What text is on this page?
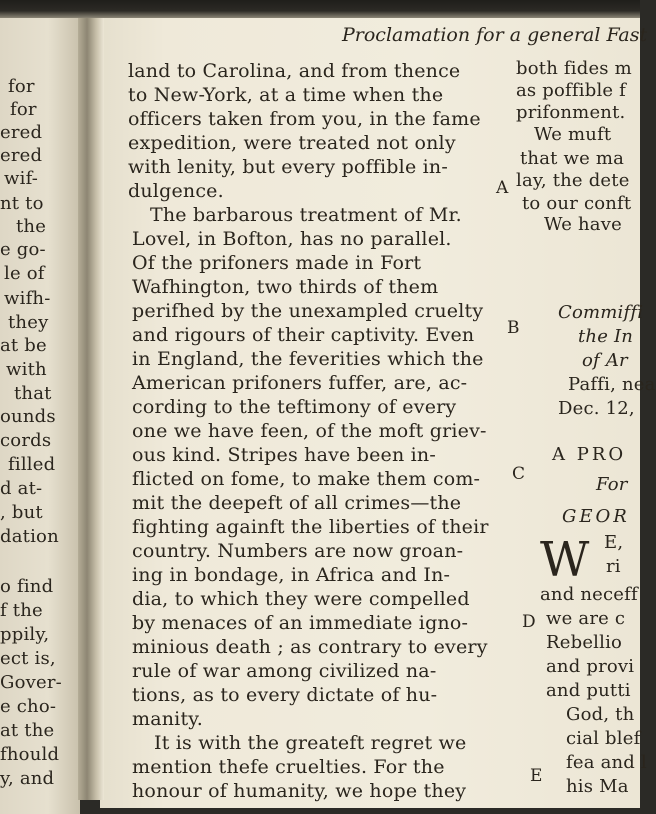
Proclamation for a general Fast
for
for
ered
ered
wif-
nt to
the
e go-
le of
wifh-
they
at be
with
that
ounds
cords
filled
d at-
, but
dation
o find
f the
ppily,
ect is,
Gover-
e cho-
at the
fhould
y, and
land to Carolina, and from thence
to New-York, at a time when the
officers taken from you, in the fame
expedition, were treated not only
with lenity, but every poffible in-
dulgence.
The barbarous treatment of Mr.
Lovel, in Bofton, has no parallel.
Of the prifoners made in Fort
Wafhington, two thirds of them
perifhed by the unexampled cruelty
and rigours of their captivity. Even
in England, the feverities which the
American prifoners fuffer, are, ac-
cording to the teftimony of every
one we have feen, of the moft griev-
ous kind. Stripes have been in-
flicted on fome, to make them com-
mit the deepeft of all crimes—the
fighting againft the liberties of their
country. Numbers are now groan-
ing in bondage, in Africa and In-
dia, to which they were compelled
by menaces of an immediate igno-
minious death ; as contrary to every
rule of war among civilized na-
tions, as to every dictate of hu-
manity.
It is with the greateft regret we
mention thefe cruelties. For the
honour of humanity, we hope they
A
B
C
D
E
both fides m
as poffible f
prifonment.
We muft
that we ma
lay, the dete
to our conft
We have
Commiffi
the In
of Ar
Paffi, nea
Dec. 12,
A PRO
For
GEOR
W E,
ri
and neceff
we are c
Rebellio
and provi
and putti
God, th
cial blef
fea and l
his Ma
